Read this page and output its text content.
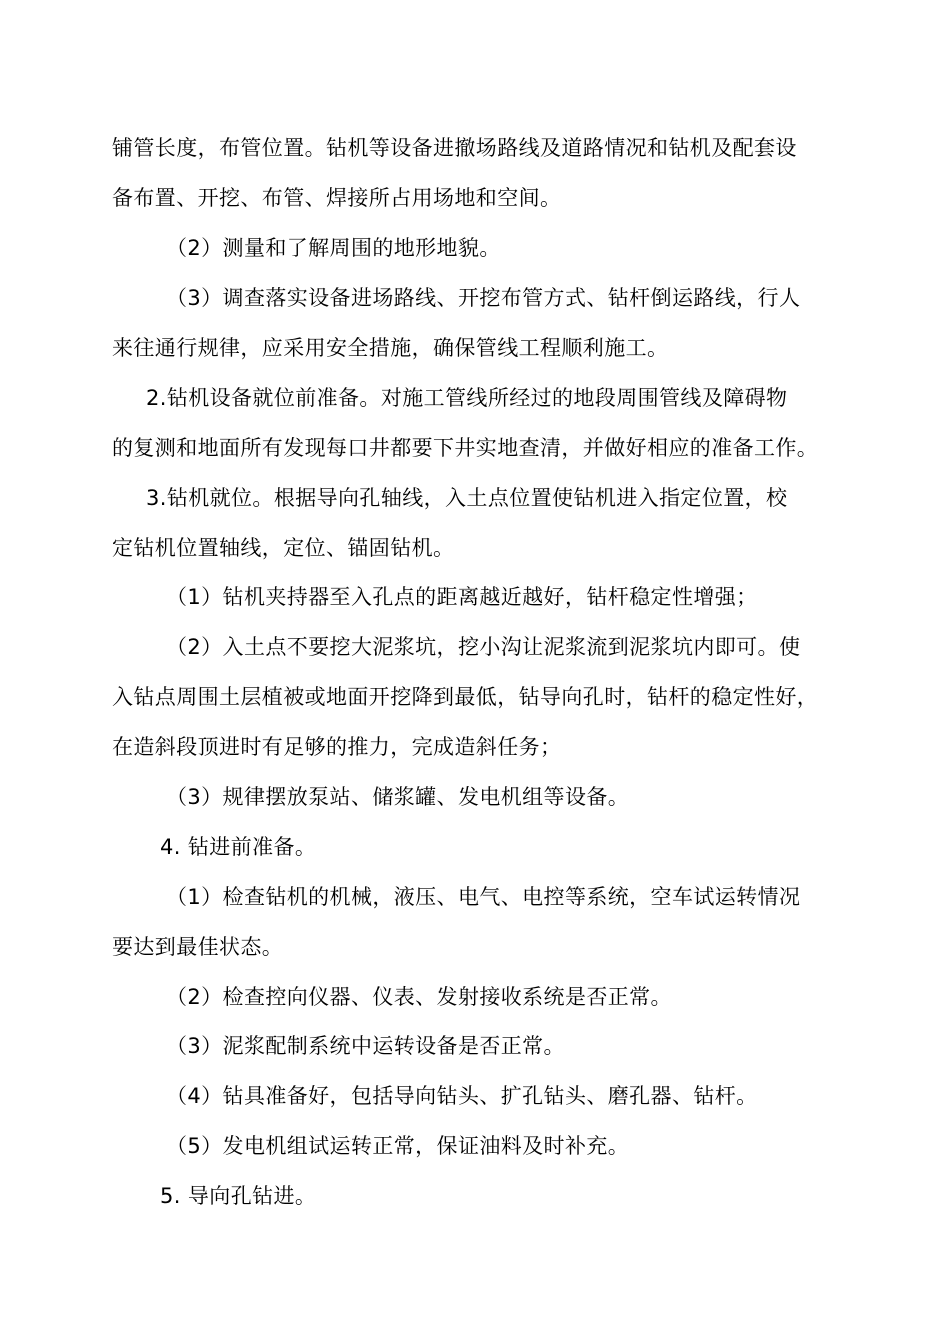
铺管长度，布管位置。钻机等设备进撤场路线及道路情况和钻机及配套设
备布置、开挖、布管、焊接所占用场地和空间。
（2）测量和了解周围的地形地貌。
（3）调查落实设备进场路线、开挖布管方式、钻杆倒运路线，行人
来往通行规律，应采用安全措施，确保管线工程顺利施工。
2.钻机设备就位前准备。对施工管线所经过的地段周围管线及障碍物
的复测和地面所有发现每口井都要下井实地查清，并做好相应的准备工作。
3.钻机就位。根据导向孔轴线，入土点位置使钻机进入指定位置，校
定钻机位置轴线，定位、锚固钻机。
（1）钻机夹持器至入孔点的距离越近越好，钻杆稳定性增强；
（2）入土点不要挖大泥浆坑，挖小沟让泥浆流到泥浆坑内即可。使
入钻点周围土层植被或地面开挖降到最低，钻导向孔时，钻杆的稳定性好，
在造斜段顶进时有足够的推力，完成造斜任务；
（3）规律摆放泵站、储浆罐、发电机组等设备。
4. 钻进前准备。
（1）检查钻机的机械，液压、电气、电控等系统，空车试运转情况
要达到最佳状态。
（2）检查控向仪器、仪表、发射接收系统是否正常。
（3）泥浆配制系统中运转设备是否正常。
（4）钻具准备好，包括导向钻头、扩孔钻头、磨孔器、钻杆。
（5）发电机组试运转正常，保证油料及时补充。
5. 导向孔钻进。
